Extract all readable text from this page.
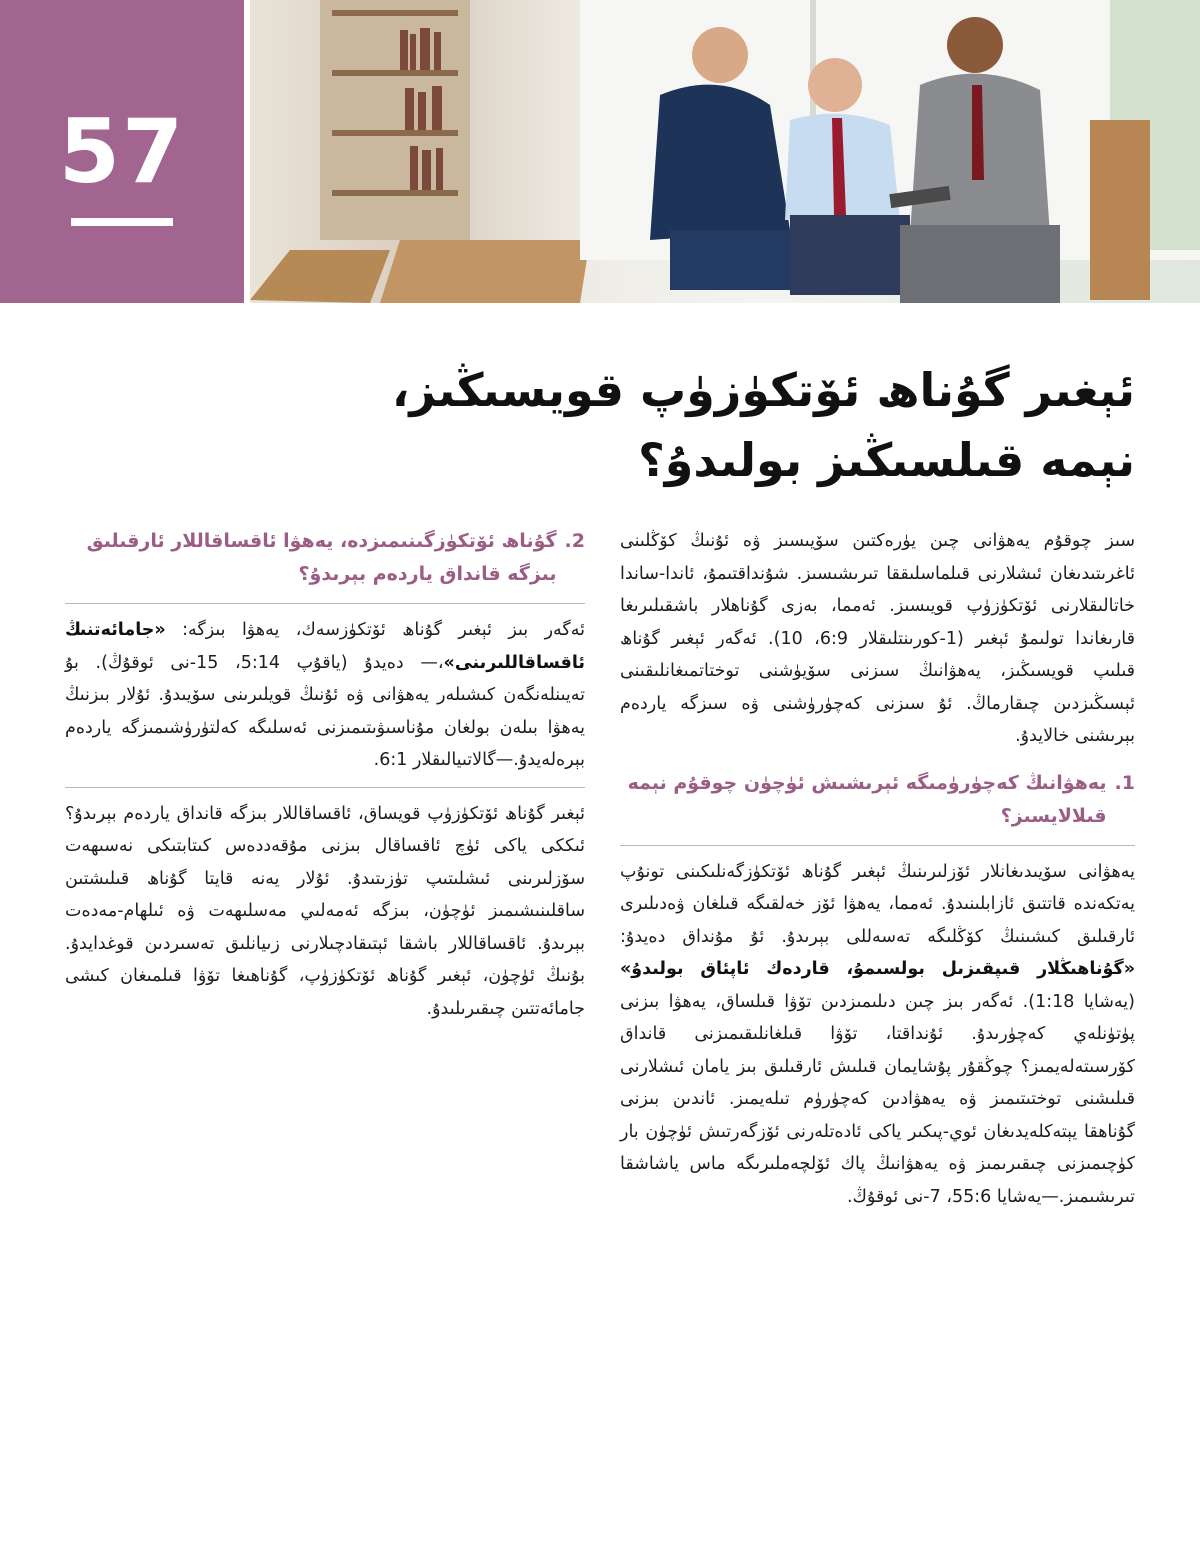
57
ئېغىر گۇناھ ئۆتكۈزۈپ قويسىڭىز،
نېمە قىلسىڭىز بولىدۇ؟

سىز چوقۇم يەھۋانى چىن يۈرەكتىن سۆيىسىز ۋە ئۇنىڭ كۆڭلىنى ئاغرىتىدىغان ئىشلارنى قىلماسلىققا تىرىشىسىز. شۇنداقتىمۇ، ئاندا-ساندا خاتالىقلارنى ئۆتكۈزۈپ قويىسىز. ئەمما، بەزى گۇناھلار باشقىلىرىغا قارىغاندا تولىمۇ ئېغىر (1-كورىنتلىقلار 6:9، 10). ئەگەر ئېغىر گۇناھ قىلىپ قويسىڭىز، يەھۋانىڭ سىزنى سۆيۈشنى توختاتمىغانلىقىنى ئېسىڭىزدىن چىقارماڭ. ئۇ سىزنى كەچۈرۈشنى ۋە سىزگە ياردەم بېرىشنى خالايدۇ.

1.
يەھۋانىڭ كەچۈرۈمىگە ئېرىشىش ئۈچۈن چوقۇم نېمە قىلالايسىز؟

يەھۋانى سۆيىدىغانلار ئۆزلىرىنىڭ ئېغىر گۇناھ ئۆتكۈزگەنلىكىنى تونۇپ يەتكەندە قاتتىق ئازابلىنىدۇ. ئەمما، يەھۋا ئۆز خەلقىگە قىلغان ۋەدىلىرى ئارقىلىق كىشىنىڭ كۆڭلىگە تەسەللى بېرىدۇ. ئۇ مۇنداق دەيدۇ: «گۇناھىڭلار قىپقىزىل بولسىمۇ، قاردەك ئاپئاق بولىدۇ» (يەشايا 1:18). ئەگەر بىز چىن دىلىمىزدىن تۆۋا قىلساق، يەھۋا بىزنى پۈتۈنلەي كەچۈرىدۇ. ئۇنداقتا، تۆۋا قىلغانلىقىمىزنى قانداق كۆرسىتەلەيمىز؟ چوڭقۇر پۇشايمان قىلىش ئارقىلىق بىز يامان ئىشلارنى قىلىشنى توختىتىمىز ۋە يەھۋادىن كەچۈرۈم تىلەيمىز. ئاندىن بىزنى گۇناھقا يېتەكلەيدىغان ئوي-پىكىر ياكى ئادەتلەرنى ئۆزگەرتىش ئۈچۈن بار كۈچىمىزنى چىقىرىمىز ۋە يەھۋانىڭ پاك ئۆلچەملىرىگە ماس ياشاشقا تىرىشىمىز.—يەشايا 55:6، 7-نى ئوقۇڭ.

2.
گۇناھ ئۆتكۈزگىنىمىزدە، يەھۋا ئاقساقاللار ئارقىلىق بىزگە قانداق ياردەم بېرىدۇ؟

ئەگەر بىز ئېغىر گۇناھ ئۆتكۈزسەك، يەھۋا بىزگە: «جامائەتنىڭ ئاقساقاللىرىنى»،— دەيدۇ (ياقۇپ 5:14، 15-نى ئوقۇڭ). بۇ تەيىنلەنگەن كىشىلەر يەھۋانى ۋە ئۇنىڭ قويلىرىنى سۆيىدۇ. ئۇلار بىزنىڭ يەھۋا بىلەن بولغان مۇناسىۋىتىمىزنى ئەسلىگە كەلتۈرۈشىمىزگە ياردەم بېرەلەيدۇ.—گالاتىيالىقلار 6:1.

ئېغىر گۇناھ ئۆتكۈزۈپ قويساق، ئاقساقاللار بىزگە قانداق ياردەم بېرىدۇ؟ ئىككى ياكى ئۈچ ئاقساقال بىزنى مۇقەددەس كىتابتىكى نەسىھەت سۆزلىرىنى ئىشلىتىپ تۈزىتىدۇ. ئۇلار يەنە قايتا گۇناھ قىلىشتىن ساقلىنىشىمىز ئۈچۈن، بىزگە ئەمەلىي مەسلىھەت ۋە ئىلھام-مەدەت بېرىدۇ. ئاقساقاللار باشقا ئېتىقادچىلارنى زىيانلىق تەسىردىن قوغدايدۇ. بۇنىڭ ئۈچۈن، ئېغىر گۇناھ ئۆتكۈزۈپ، گۇناھىغا تۆۋا قىلمىغان كىشى جامائەتتىن چىقىرىلىدۇ.
